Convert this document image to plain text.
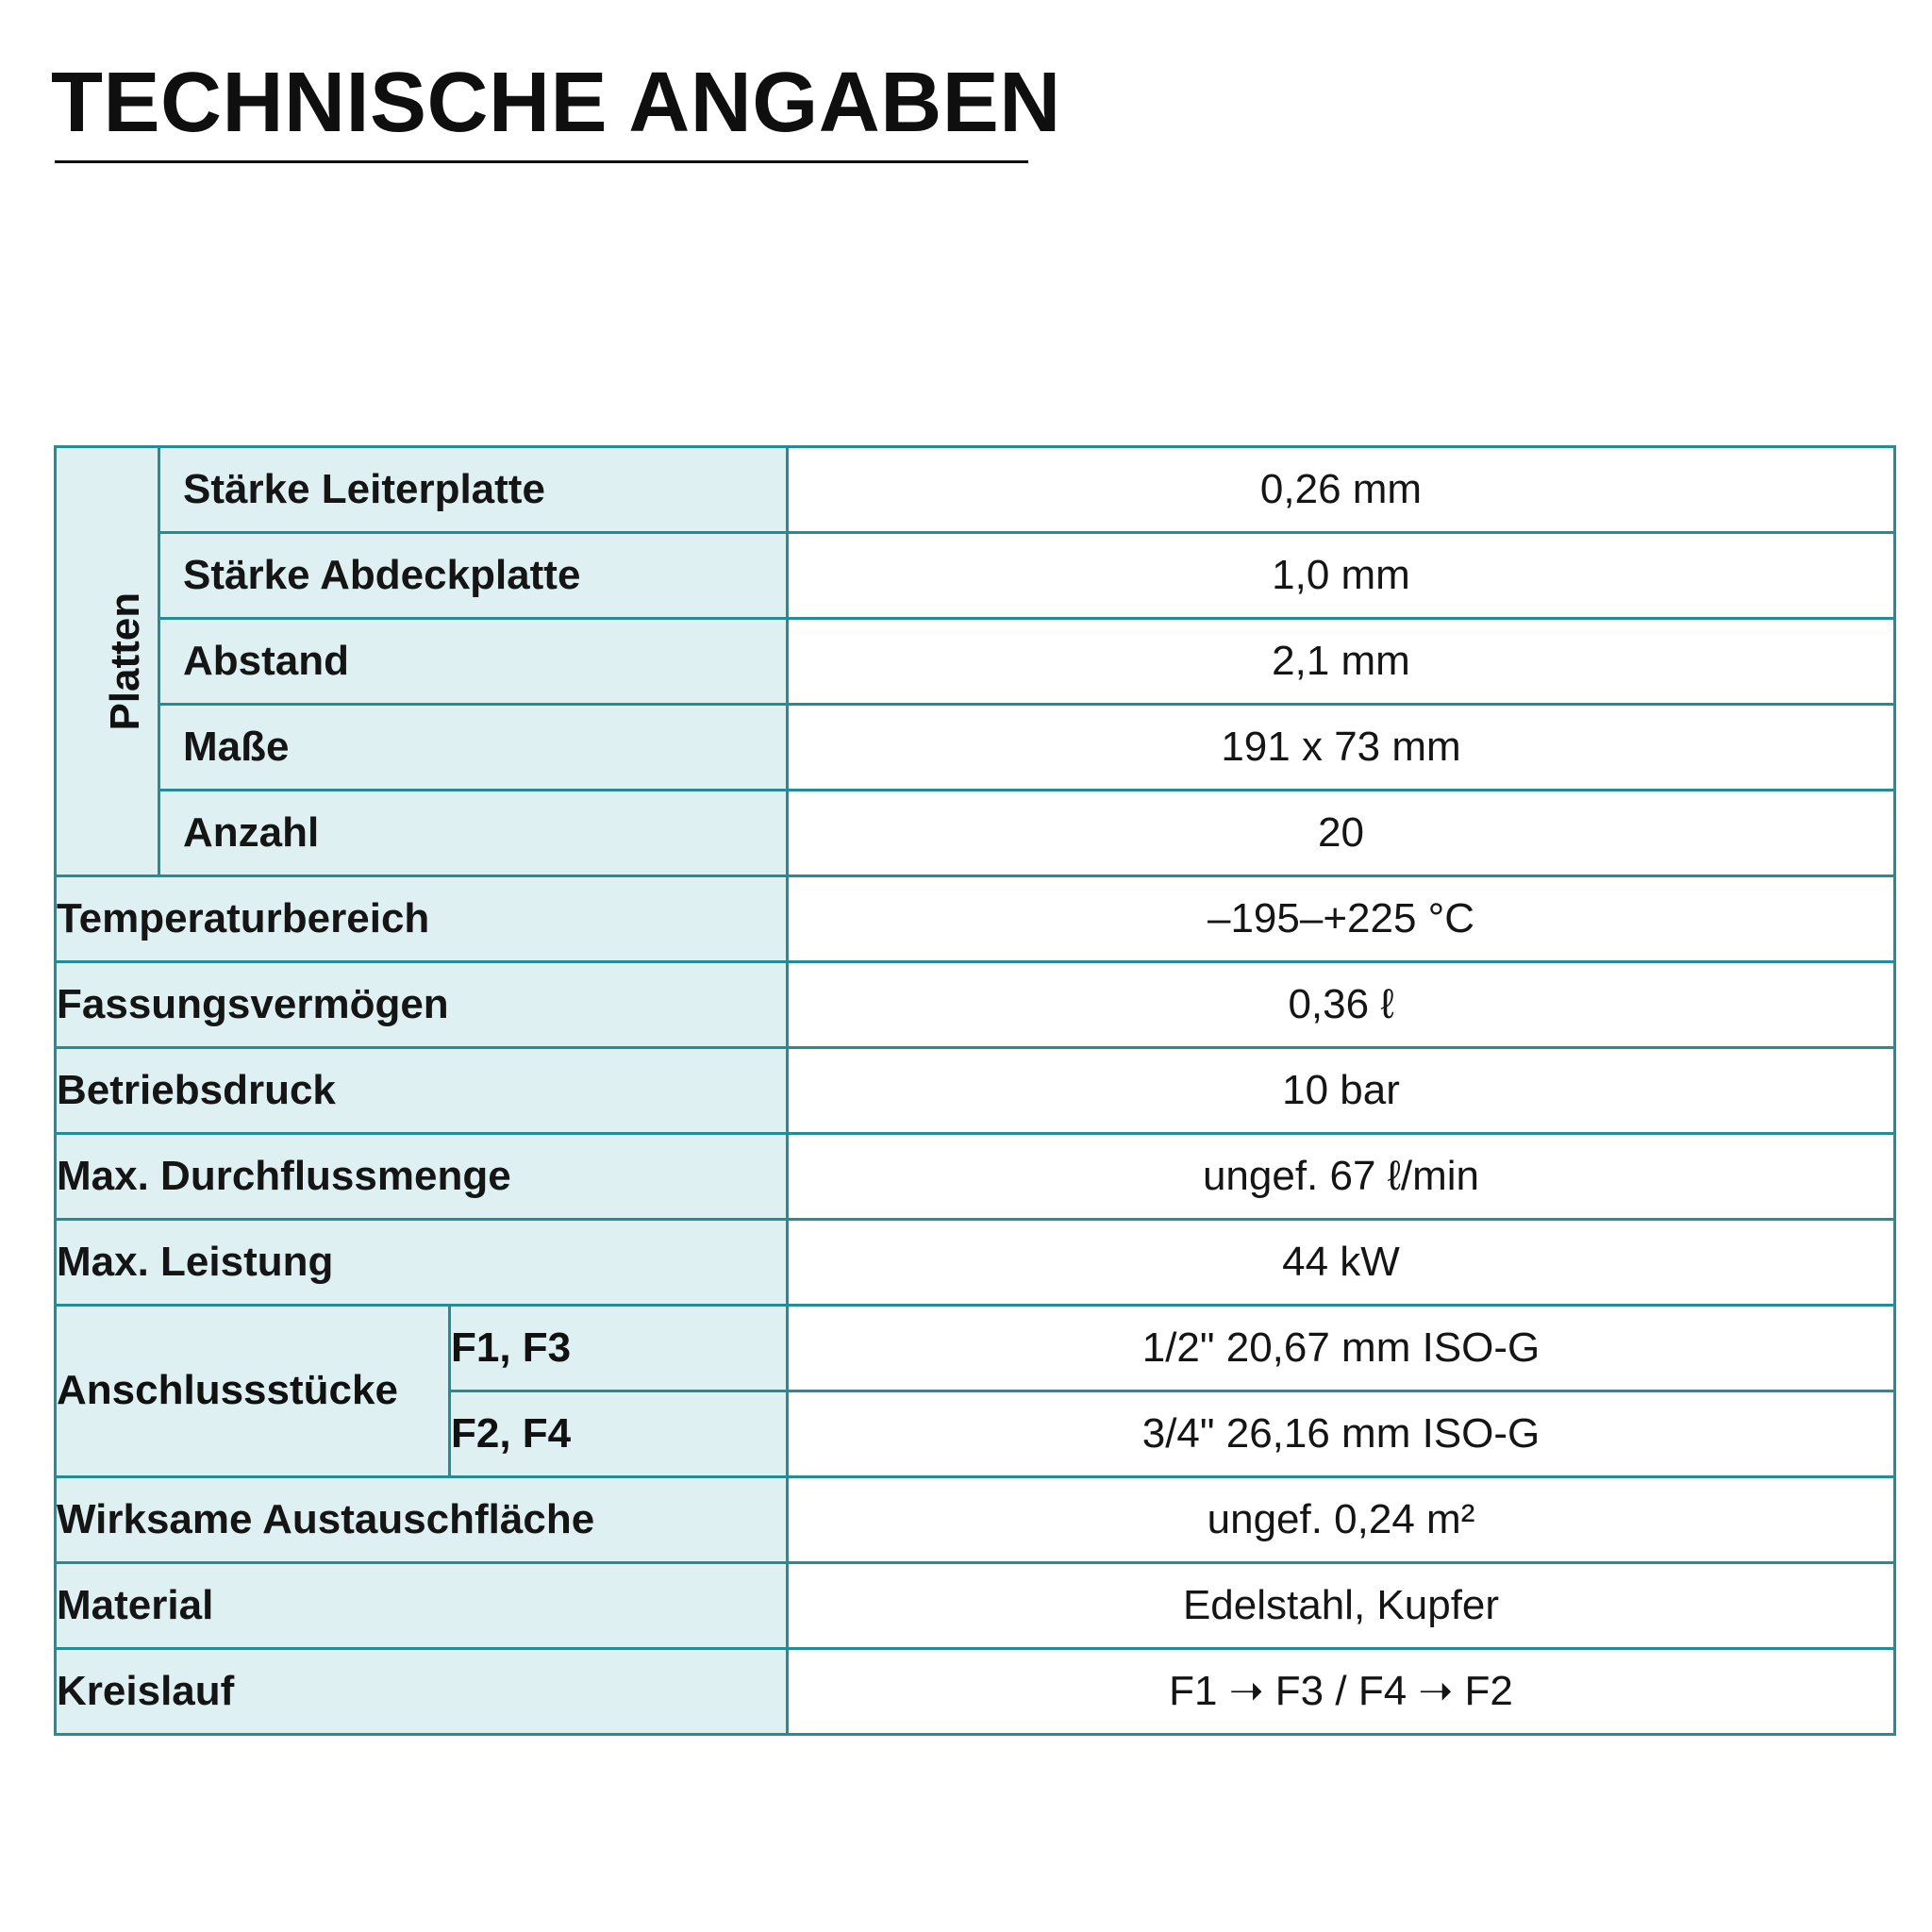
TECHNISCHE ANGABEN
Platten	Stärke Leiterplatte		0,26 mm
	Stärke Abdeckplatte		1,0 mm
	Abstand		2,1 mm
	Maße		191 x 73 mm
	Anzahl		20
Temperaturbereich			–195–+225 °C
Fassungsvermögen			0,36 ℓ
Betriebsdruck			10 bar
Max. Durchflussmenge			ungef. 67 ℓ/min
Max. Leistung			44 kW
Anschlussstücke		F1, F3	1/2" 20,67 mm ISO-G
		F2, F4	3/4" 26,16 mm ISO-G
Wirksame Austauschfläche			ungef. 0,24 m²
Material			Edelstahl, Kupfer
Kreislauf			F1 ➝ F3 / F4 ➝ F2
